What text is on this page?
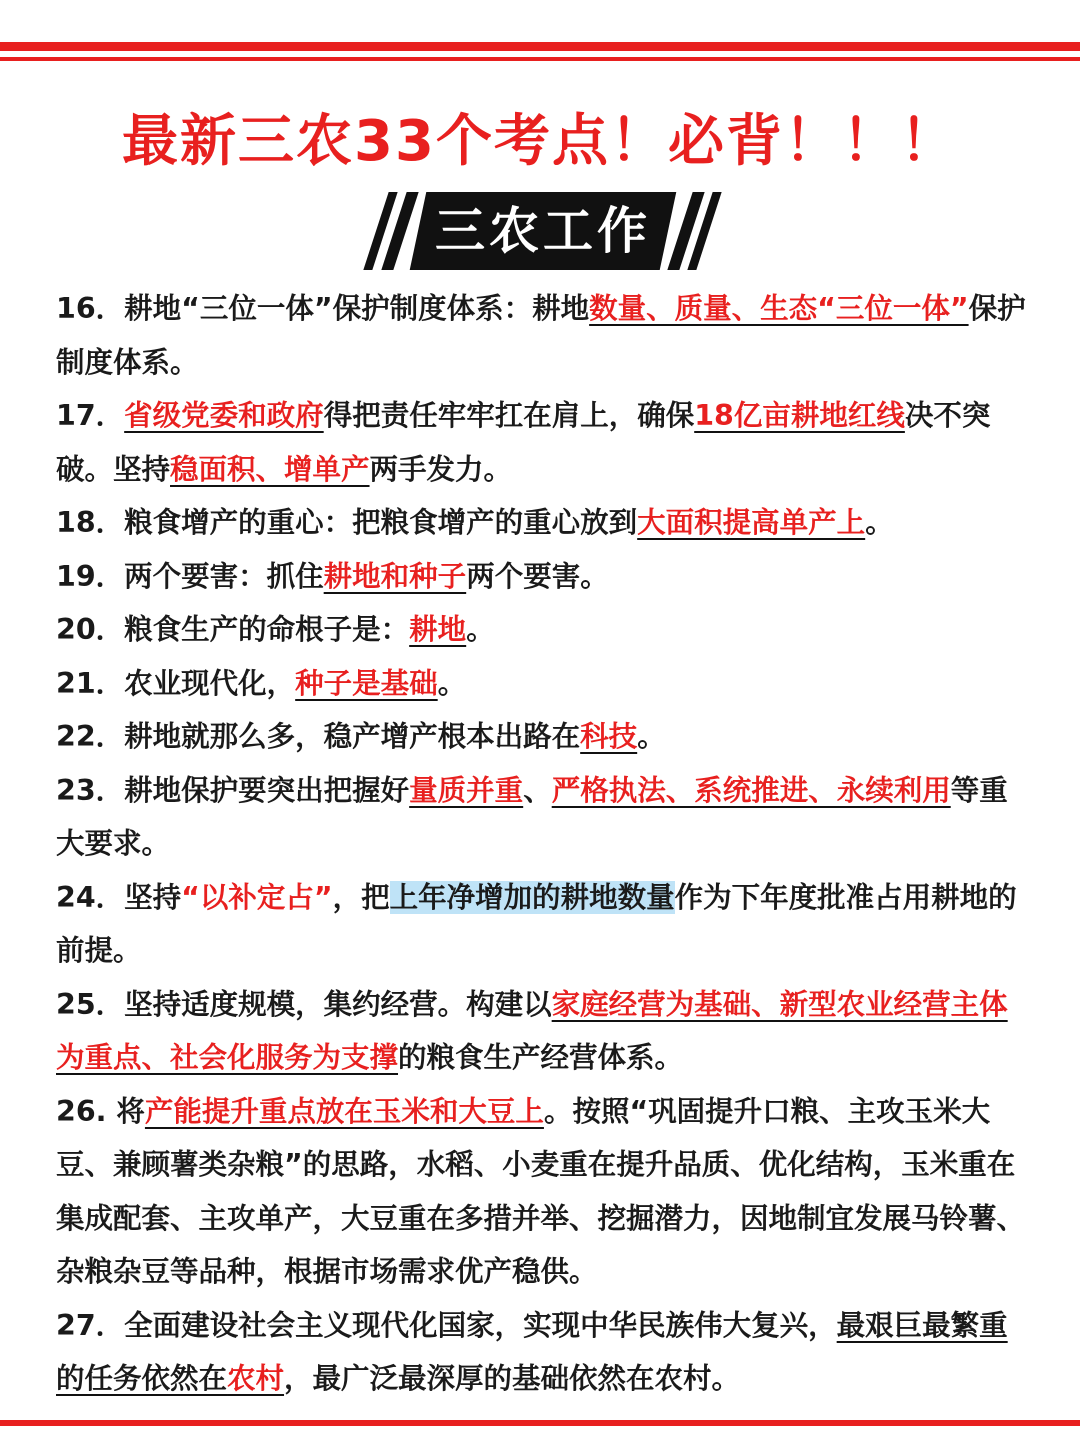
最新三农33个考点！必背！！！
三农工作
16．耕地“三位一体”保护制度体系：耕地数量、质量、生态“三位一体”保护制度体系。
17．省级党委和政府得把责任牢牢扛在肩上，确保18亿亩耕地红线决不突破。坚持稳面积、增单产两手发力。
18．粮食增产的重心：把粮食增产的重心放到大面积提高单产上。
19．两个要害：抓住耕地和种子两个要害。
20．粮食生产的命根子是：耕地。
21．农业现代化，种子是基础。
22．耕地就那么多，稳产增产根本出路在科技。
23．耕地保护要突出把握好量质并重、严格执法、系统推进、永续利用等重大要求。
24．坚持“以补定占”，把上年净增加的耕地数量作为下年度批准占用耕地的前提。
25．坚持适度规模，集约经营。构建以家庭经营为基础、新型农业经营主体为重点、社会化服务为支撑的粮食生产经营体系。
26. 将产能提升重点放在玉米和大豆上。按照“巩固提升口粮、主攻玉米大豆、兼顾薯类杂粮”的思路，水稻、小麦重在提升品质、优化结构，玉米重在集成配套、主攻单产，大豆重在多措并举、挖掘潜力，因地制宜发展马铃薯、杂粮杂豆等品种，根据市场需求优产稳供。
27．全面建设社会主义现代化国家，实现中华民族伟大复兴，最艰巨最繁重的任务依然在农村，最广泛最深厚的基础依然在农村。
